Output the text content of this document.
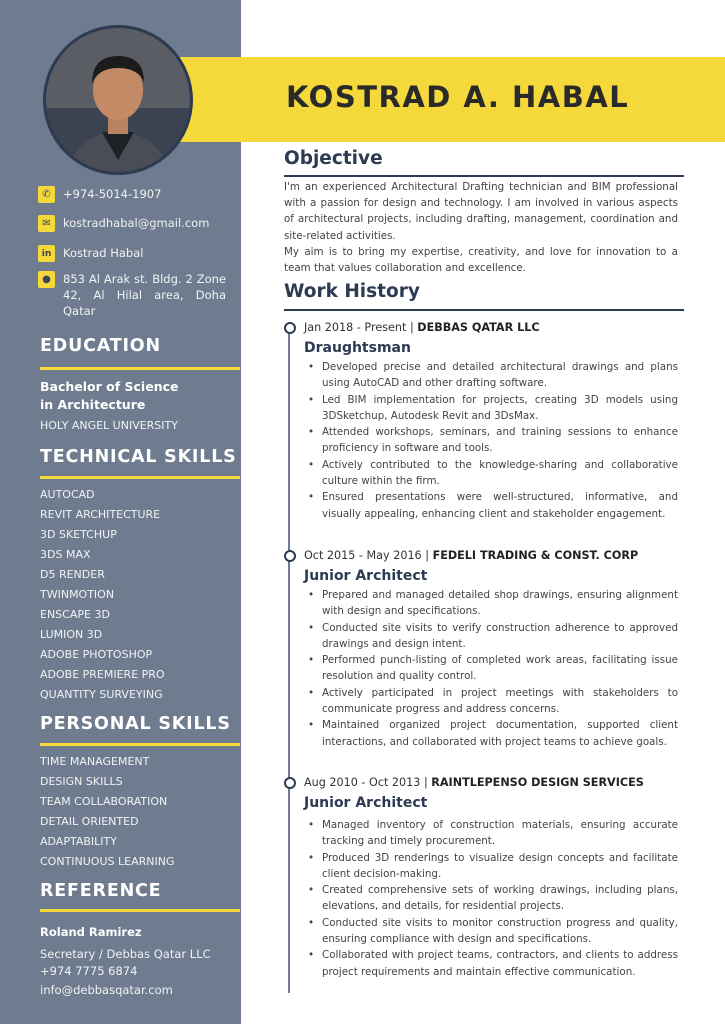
KOSTRAD A. HABAL
✆	+974-5014-1907
✉	kostradhabal@gmail.com
in	Kostrad Habal
●	853 Al Arak st. Bldg. 2 Zone 42, Al Hilal area, Doha Qatar
EDUCATION
Bachelor of Science
in Architecture
HOLY ANGEL UNIVERSITY
TECHNICAL SKILLS
AUTOCAD
REVIT ARCHITECTURE
3D SKETCHUP
3DS MAX
D5 RENDER
TWINMOTION
ENSCAPE 3D
LUMION 3D
ADOBE PHOTOSHOP
ADOBE PREMIERE PRO
QUANTITY SURVEYING
PERSONAL SKILLS
TIME MANAGEMENT
DESIGN SKILLS
TEAM COLLABORATION
DETAIL ORIENTED
ADAPTABILITY
CONTINUOUS LEARNING
REFERENCE
Roland Ramirez
Secretary / Debbas Qatar LLC
+974 7775 6874
info@debbasqatar.com
Objective
I'm an experienced Architectural Drafting technician and BIM professional with a passion for design and technology. I am involved in various aspects of architectural projects, including drafting, management, coordination and site-related activities.
My aim is to bring my expertise, creativity, and love for innovation to a team that values collaboration and excellence.
Work History
Jan 2018 - Present | DEBBAS QATAR LLC
Draughtsman
• Developed precise and detailed architectural drawings and plans using AutoCAD and other drafting software.
• Led BIM implementation for projects, creating 3D models using 3DSketchup, Autodesk Revit and 3DsMax.
• Attended workshops, seminars, and training sessions to enhance proficiency in software and tools.
• Actively contributed to the knowledge-sharing and collaborative culture within the firm.
• Ensured presentations were well-structured, informative, and visually appealing, enhancing client and stakeholder engagement.
Oct 2015 - May 2016 | FEDELI TRADING & CONST. CORP
Junior Architect
• Prepared and managed detailed shop drawings, ensuring alignment with design and specifications.
• Conducted site visits to verify construction adherence to approved drawings and design intent.
• Performed punch-listing of completed work areas, facilitating issue resolution and quality control.
• Actively participated in project meetings with stakeholders to communicate progress and address concerns.
• Maintained organized project documentation, supported client interactions, and collaborated with project teams to achieve goals.
Aug 2010 - Oct 2013 | RAINTLEPENSO DESIGN SERVICES
Junior Architect
• Managed inventory of construction materials, ensuring accurate tracking and timely procurement.
• Produced 3D renderings to visualize design concepts and facilitate client decision-making.
• Created comprehensive sets of working drawings, including plans, elevations, and details, for residential projects.
• Conducted site visits to monitor construction progress and quality, ensuring compliance with design and specifications.
• Collaborated with project teams, contractors, and clients to address project requirements and maintain effective communication.
